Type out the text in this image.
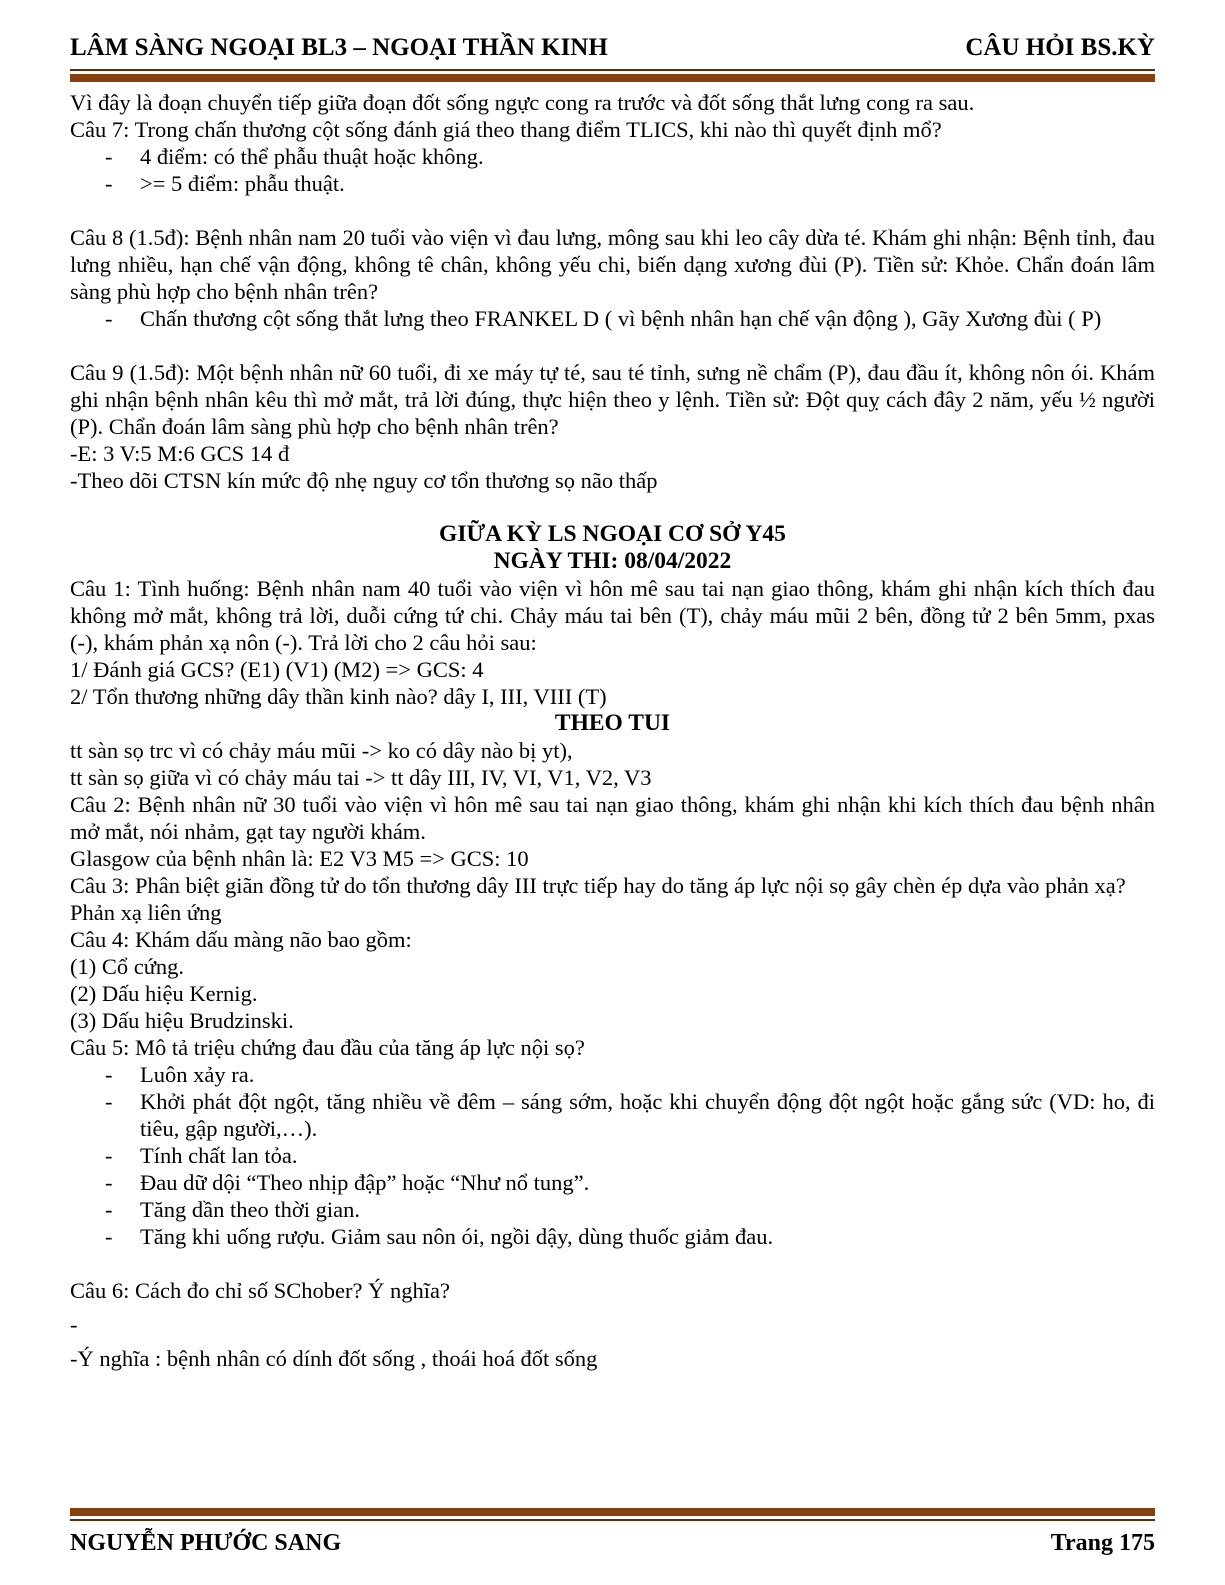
LÂM SÀNG NGOẠI BL3 – NGOẠI THẦN KINH	CÂU HỎI BS.KỲ
Vì đây là đoạn chuyển tiếp giữa đoạn đốt sống ngực cong ra trước và đốt sống thắt lưng cong ra sau.
Câu 7: Trong chấn thương cột sống đánh giá theo thang điểm TLICS, khi nào thì quyết định mổ?
-	4 điểm: có thể phẫu thuật hoặc không.
-	>= 5 điểm: phẫu thuật.
Câu 8 (1.5đ): Bệnh nhân nam 20 tuổi vào viện vì đau lưng, mông sau khi leo cây dừa té. Khám ghi nhận: Bệnh tỉnh, đau lưng nhiều, hạn chế vận động, không tê chân, không yếu chi, biến dạng xương đùi (P). Tiền sử: Khỏe. Chẩn đoán lâm sàng phù hợp cho bệnh nhân trên?
-	Chấn thương cột sống thắt lưng theo FRANKEL D ( vì bệnh nhân hạn chế vận động ), Gãy Xương đùi ( P)
Câu 9 (1.5đ): Một bệnh nhân nữ 60 tuổi, đi xe máy tự té, sau té tỉnh, sưng nề chẩm (P), đau đầu ít, không nôn ói. Khám ghi nhận bệnh nhân kêu thì mở mắt, trả lời đúng, thực hiện theo y lệnh. Tiền sử: Đột quỵ cách đây 2 năm, yếu ½ người (P). Chẩn đoán lâm sàng phù hợp cho bệnh nhân trên?
-E: 3 V:5 M:6 GCS 14 đ
-Theo dõi CTSN kín mức độ nhẹ nguy cơ tổn thương sọ não thấp
GIỮA KỲ LS NGOẠI CƠ SỞ Y45
NGÀY THI: 08/04/2022
Câu 1: Tình huống: Bệnh nhân nam 40 tuổi vào viện vì hôn mê sau tai nạn giao thông, khám ghi nhận kích thích đau không mở mắt, không trả lời, duỗi cứng tứ chi. Chảy máu tai bên (T), chảy máu mũi 2 bên, đồng tử 2 bên 5mm, pxas (-), khám phản xạ nôn (-). Trả lời cho 2 câu hỏi sau:
1/ Đánh giá GCS? (E1) (V1) (M2) => GCS: 4
2/ Tổn thương những dây thần kinh nào? dây I, III, VIII (T)
THEO TUI
tt sàn sọ trc vì có chảy máu mũi -> ko có dây nào bị yt),
tt sàn sọ giữa vì có chảy máu tai -> tt dây III, IV, VI, V1, V2, V3
Câu 2: Bệnh nhân nữ 30 tuổi vào viện vì hôn mê sau tai nạn giao thông, khám ghi nhận khi kích thích đau bệnh nhân mở mắt, nói nhảm, gạt tay người khám.
Glasgow của bệnh nhân là: E2 V3 M5 => GCS: 10
Câu 3: Phân biệt giãn đồng tử do tổn thương dây III trực tiếp hay do tăng áp lực nội sọ gây chèn ép dựa vào phản xạ?
Phản xạ liên ứng
Câu 4: Khám dấu màng não bao gồm:
(1) Cổ cứng.
(2) Dấu hiệu Kernig.
(3) Dấu hiệu Brudzinski.
Câu 5: Mô tả triệu chứng đau đầu của tăng áp lực nội sọ?
-	Luôn xảy ra.
-	Khởi phát đột ngột, tăng nhiều về đêm – sáng sớm, hoặc khi chuyển động đột ngột hoặc gắng sức (VD: ho, đi tiêu, gập người,…).
-	Tính chất lan tỏa.
-	Đau dữ dội “Theo nhịp đập” hoặc “Như nổ tung”.
-	Tăng dần theo thời gian.
-	Tăng khi uống rượu. Giảm sau nôn ói, ngồi dậy, dùng thuốc giảm đau.
Câu 6: Cách đo chỉ số SChober? Ý nghĩa?
-
-Ý nghĩa : bệnh nhân có dính đốt sống , thoái hoá đốt sống
NGUYỄN PHƯỚC SANG	Trang 175
